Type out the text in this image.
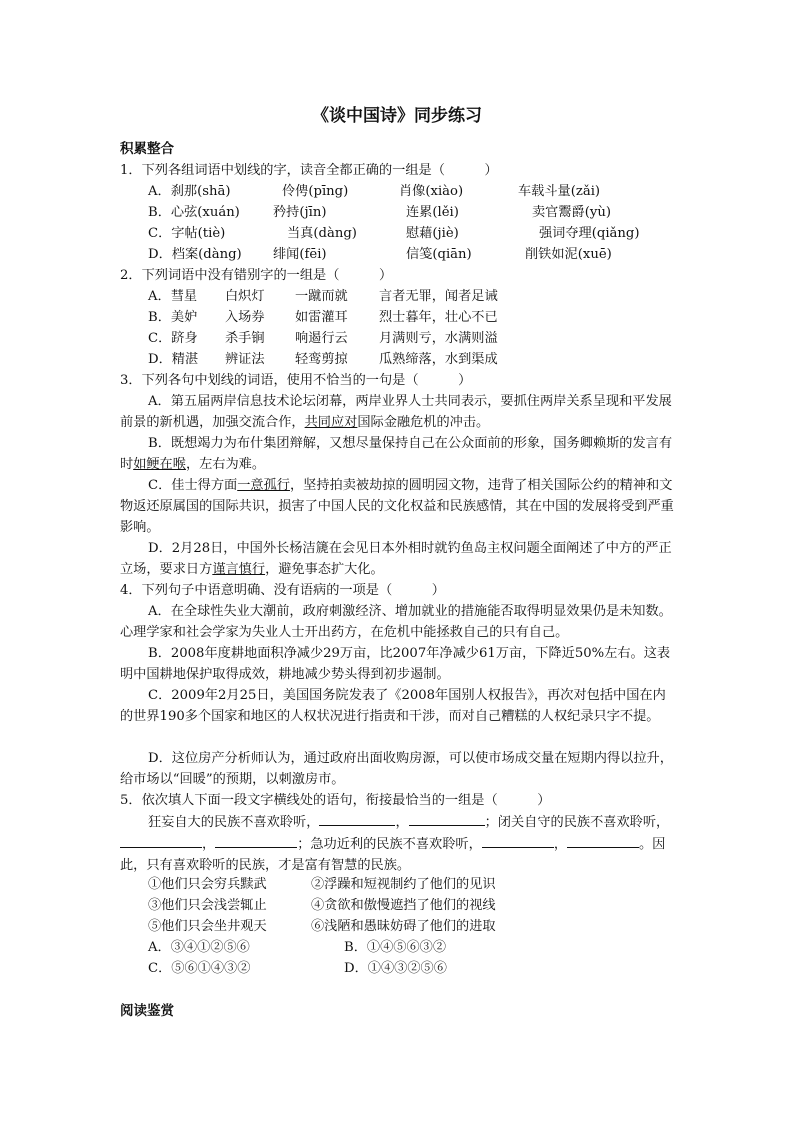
《谈中国诗》同步练习
积累整合
1．下列各组词语中划线的字，读音全都正确的一组是（　　　）
A．刹那(shā)	伶俜(pīng)	肖像(xiào)	车载斗量(zǎi)
B．心弦(xuán)	矜持(jīn)	连累(lěi)	卖官鬻爵(yù)
C．字帖(tiè)	当真(dàng)	慰藉(jiè)	强词夺理(qiǎng)
D．档案(dàng) 绯闻(fēi)	信笺(qiān)	削铁如泥(xuē)
2．下列词语中没有错别字的一组是（　　　）
A．彗星 白炽灯 一蹴而就 言者无罪，闻者足诫
B．美妒 入场券 如雷灌耳 烈士暮年，壮心不已
C．跻身 杀手锏 响遏行云 月满则亏，水满则溢
D．精湛 辨证法 轻鸾剪掠 瓜熟缔落，水到渠成
3．下列各句中划线的词语，使用不恰当的一句是（　　　）
A．第五届两岸信息技术论坛闭幕，两岸业界人士共同表示，要抓住两岸关系呈现和平发展前景的新机遇，加强交流合作，共同应对国际金融危机的冲击。
B．既想竭力为布什集团辩解，又想尽量保持自己在公众面前的形象，国务卿赖斯的发言有时如鲠在喉，左右为难。
C．佳士得方面一意孤行，坚持拍卖被劫掠的圆明园文物，违背了相关国际公约的精神和文物返还原属国的国际共识，损害了中国人民的文化权益和民族感情，其在中国的发展将受到严重影响。
D．2月28日，中国外长杨洁篪在会见日本外相时就钓鱼岛主权问题全面阐述了中方的严正立场，要求日方谨言慎行，避免事态扩大化。
4．下列句子中语意明确、没有语病的一项是（　　　）
A．在全球性失业大潮前，政府刺激经济、增加就业的措施能否取得明显效果仍是未知数。心理学家和社会学家为失业人士开出药方，在危机中能拯救自己的只有自己。
B．2008年度耕地面积净减少29万亩，比2007年净减少61万亩，下降近50%左右。这表明中国耕地保护取得成效，耕地减少势头得到初步遏制。
C．2009年2月25日，美国国务院发表了《2008年国别人权报告》，再次对包括中国在内的世界190多个国家和地区的人权状况进行指责和干涉，而对自己糟糕的人权纪录只字不提。
D．这位房产分析师认为，通过政府出面收购房源，可以使市场成交量在短期内得以拉升，给市场以“回暖”的预期，以刺激房市。
5．依次填人下面一段文字横线处的语句，衔接最恰当的一组是（　　　）
狂妄自大的民族不喜欢聆听，	，	；闭关自守的民族不喜欢聆听，，	；急功近利的民族不喜欢聆听，	，	。因此，只有喜欢聆听的民族，才是富有智慧的民族。
①他们只会穷兵黩武	②浮躁和短视制约了他们的见识
③他们只会浅尝辄止	④贪欲和傲慢遮挡了他们的视线
⑤他们只会坐井观天	⑥浅陋和愚昧妨碍了他们的进取
A．③④①②⑤⑥	B．①④⑤⑥③②
C．⑤⑥①④③②	D．①④③②⑤⑥
阅读鉴赏
